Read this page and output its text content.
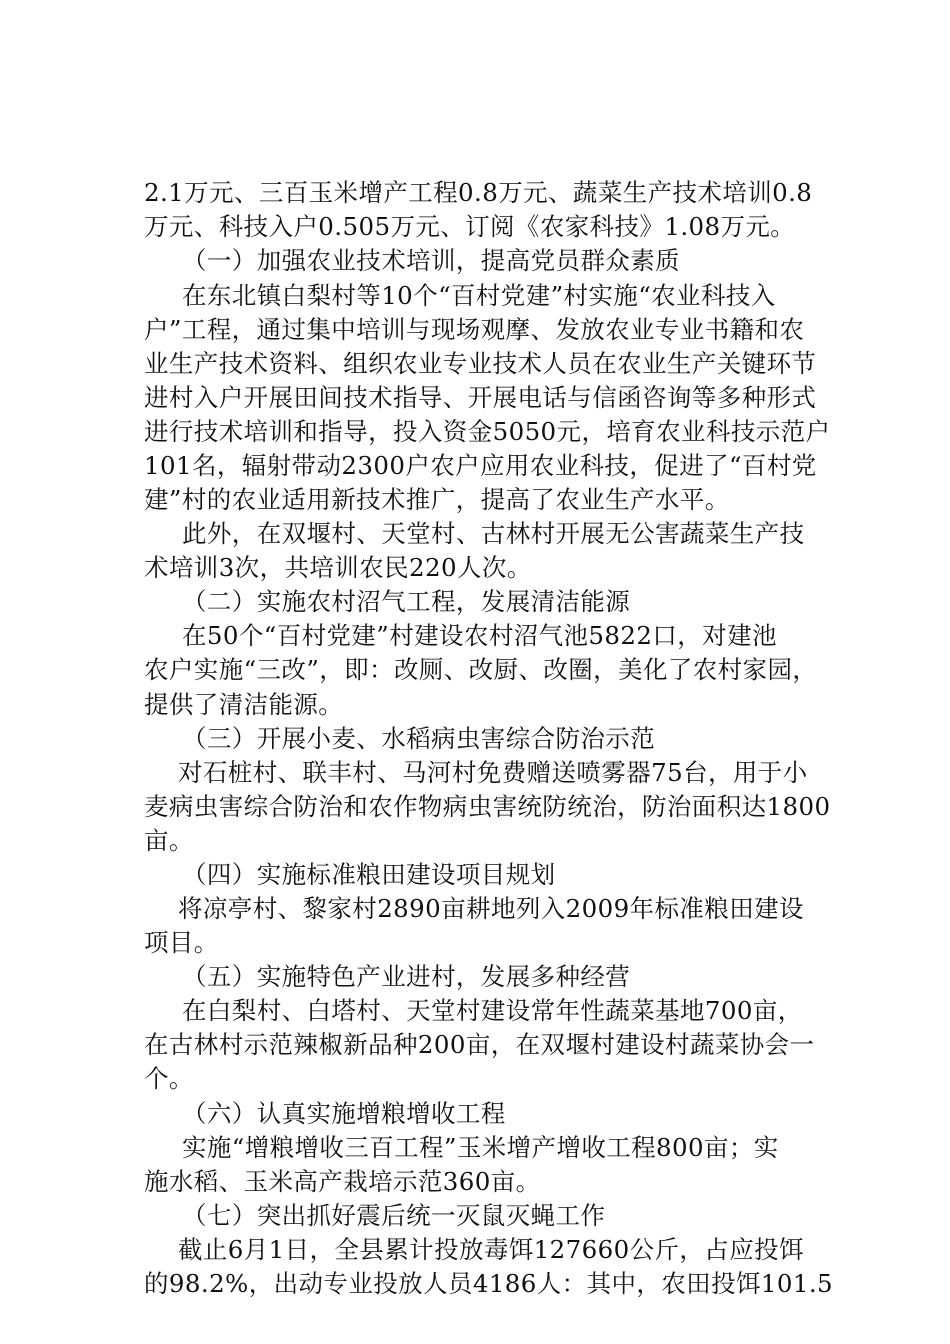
2.1万元、三百玉米增产工程0.8万元、蔬菜生产技术培训0.8
万元、科技入户0.505万元、订阅《农家科技》1.08万元。
（一）加强农业技术培训，提高党员群众素质
在东北镇白梨村等10个“百村党建”村实施“农业科技入
户”工程，通过集中培训与现场观摩、发放农业专业书籍和农
业生产技术资料、组织农业专业技术人员在农业生产关键环节
进村入户开展田间技术指导、开展电话与信函咨询等多种形式
进行技术培训和指导，投入资金5050元，培育农业科技示范户
101名，辐射带动2300户农户应用农业科技，促进了“百村党
建”村的农业适用新技术推广，提高了农业生产水平。
此外，在双堰村、天堂村、古林村开展无公害蔬菜生产技
术培训3次，共培训农民220人次。
（二）实施农村沼气工程，发展清洁能源
在50个“百村党建”村建设农村沼气池5822口，对建池
农户实施“三改”，即：改厕、改厨、改圈，美化了农村家园，
提供了清洁能源。
（三）开展小麦、水稻病虫害综合防治示范
对石桩村、联丰村、马河村免费赠送喷雾器75台，用于小
麦病虫害综合防治和农作物病虫害统防统治，防治面积达1800
亩。
（四）实施标准粮田建设项目规划
将凉亭村、黎家村2890亩耕地列入2009年标准粮田建设
项目。
（五）实施特色产业进村，发展多种经营
在白梨村、白塔村、天堂村建设常年性蔬菜基地700亩，
在古林村示范辣椒新品种200亩，在双堰村建设村蔬菜协会一
个。
（六）认真实施增粮增收工程
实施“增粮增收三百工程”玉米增产增收工程800亩；实
施水稻、玉米高产栽培示范360亩。
（七）突出抓好震后统一灭鼠灭蝇工作
截止6月1日，全县累计投放毒饵127660公斤，占应投饵
的98.2%，出动专业投放人员4186人：其中，农田投饵101.5
